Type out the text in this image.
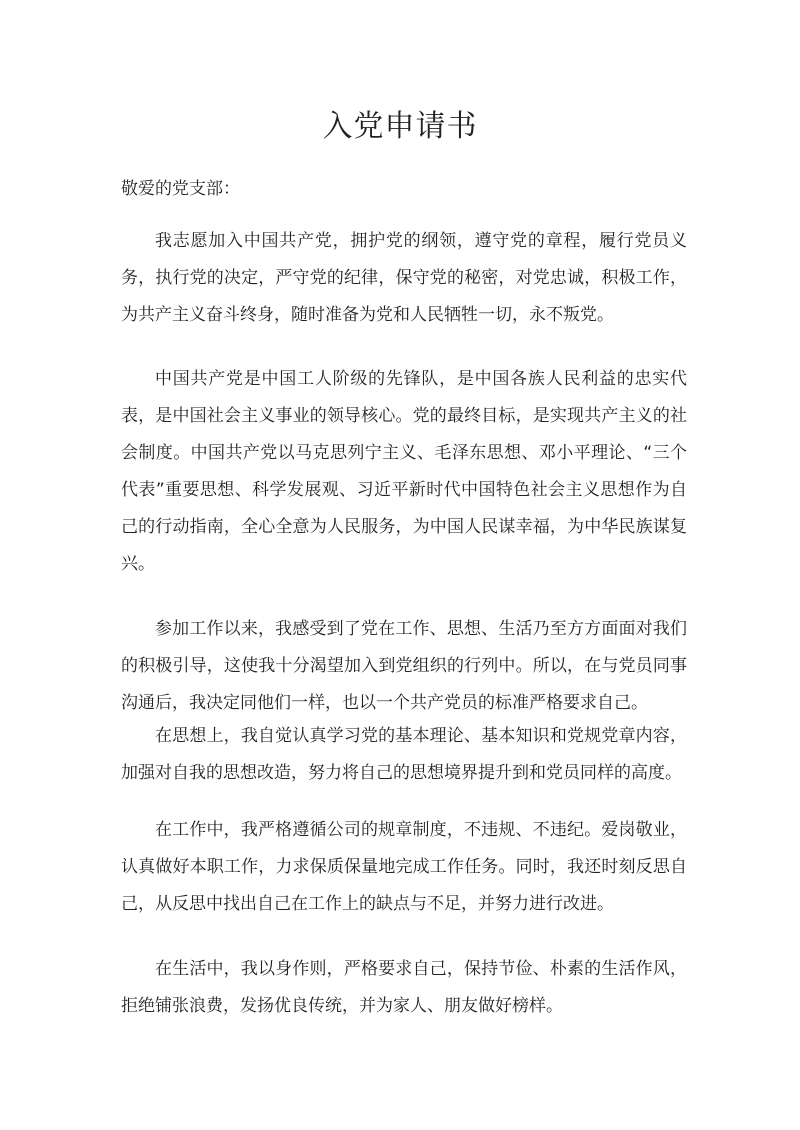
入党申请书

敬爱的党支部：

我志愿加入中国共产党，拥护党的纲领，遵守党的章程，履行党员义务，执行党的决定，严守党的纪律，保守党的秘密，对党忠诚，积极工作，为共产主义奋斗终身，随时准备为党和人民牺牲一切，永不叛党。

中国共产党是中国工人阶级的先锋队，是中国各族人民利益的忠实代表，是中国社会主义事业的领导核心。党的最终目标，是实现共产主义的社会制度。中国共产党以马克思列宁主义、毛泽东思想、邓小平理论、“三个代表”重要思想、科学发展观、习近平新时代中国特色社会主义思想作为自己的行动指南，全心全意为人民服务，为中国人民谋幸福，为中华民族谋复兴。

参加工作以来，我感受到了党在工作、思想、生活乃至方方面面对我们的积极引导，这使我十分渴望加入到党组织的行列中。所以，在与党员同事沟通后，我决定同他们一样，也以一个共产党员的标准严格要求自己。

在思想上，我自觉认真学习党的基本理论、基本知识和党规党章内容，加强对自我的思想改造，努力将自己的思想境界提升到和党员同样的高度。

在工作中，我严格遵循公司的规章制度，不违规、不违纪。爱岗敬业，认真做好本职工作，力求保质保量地完成工作任务。同时，我还时刻反思自己，从反思中找出自己在工作上的缺点与不足，并努力进行改进。

在生活中，我以身作则，严格要求自己，保持节俭、朴素的生活作风，拒绝铺张浪费，发扬优良传统，并为家人、朋友做好榜样。
